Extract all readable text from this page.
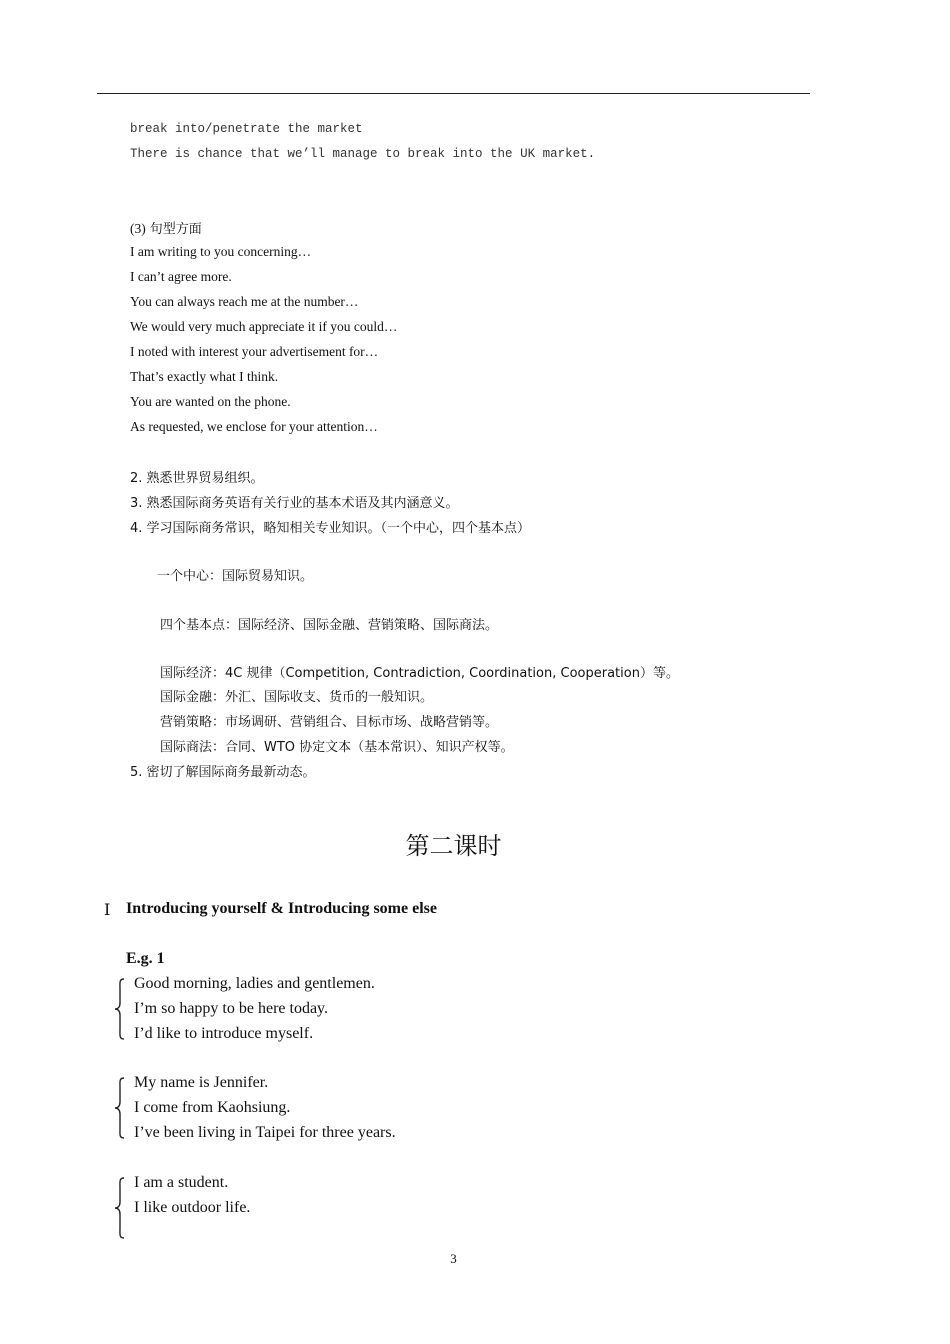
break into/penetrate the market
There is chance that we’ll manage to break into the UK market.
(3) 句型方面
I am writing to you concerning…
I can’t agree more.
You can always reach me at the number…
We would very much appreciate it if you could…
I noted with interest your advertisement for…
That’s exactly what I think.
You are wanted on the phone.
As requested, we enclose for your attention…
2. 熟悉世界贸易组织。
3. 熟悉国际商务英语有关行业的基本术语及其内涵意义。
4. 学习国际商务常识，略知相关专业知识。（一个中心，四个基本点）
一个中心：国际贸易知识。
四个基本点：国际经济、国际金融、营销策略、国际商法。
国际经济：4C 规律（Competition, Contradiction, Coordination, Cooperation）等。
国际金融：外汇、国际收支、货币的一般知识。
营销策略：市场调研、营销组合、目标市场、战略营销等。
国际商法：合同、WTO 协定文本（基本常识）、知识产权等。
5. 密切了解国际商务最新动态。
第二课时
Ⅰ Introducing yourself & Introducing some else
E.g. 1
Good morning, ladies and gentlemen.
I’m so happy to be here today.
I’d like to introduce myself.
My name is Jennifer.
I come from Kaohsiung.
I’ve been living in Taipei for three years.
I am a student.
I like outdoor life.
3
